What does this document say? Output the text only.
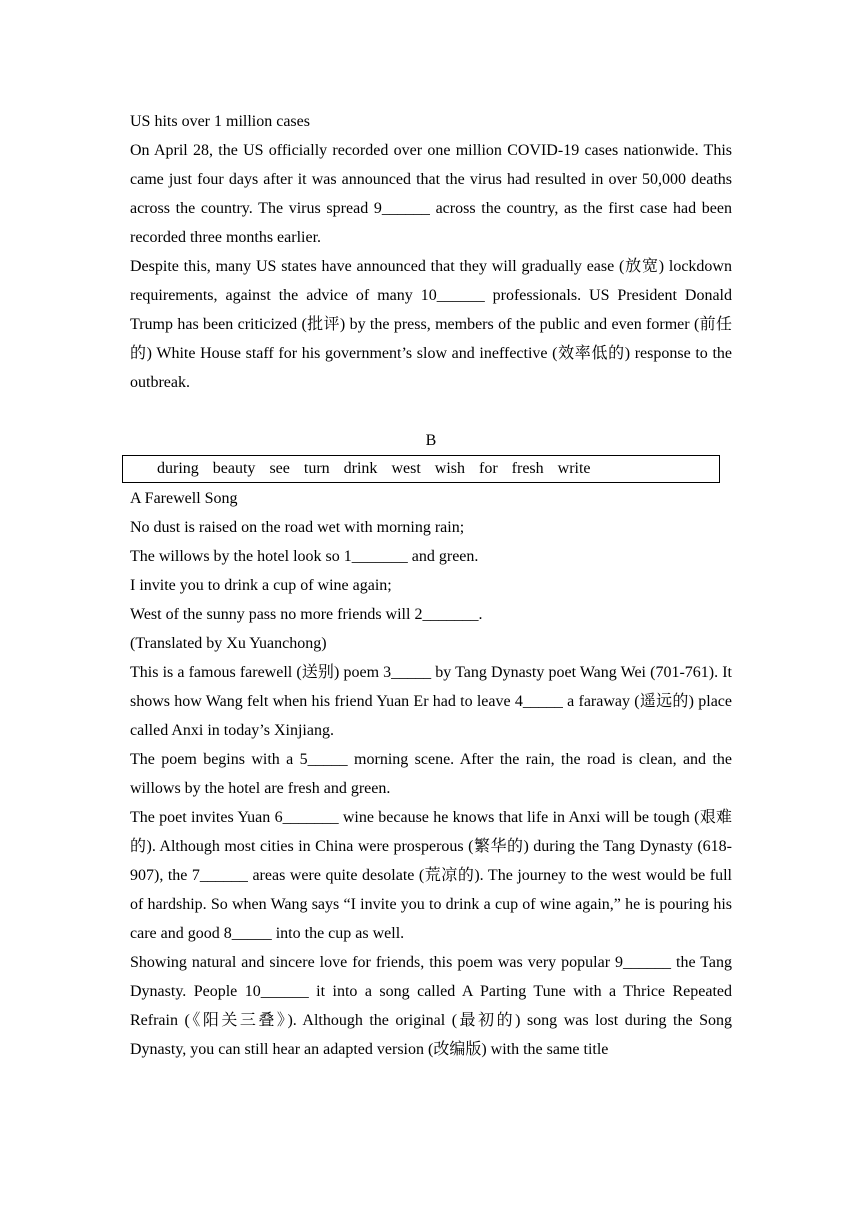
US hits over 1 million cases

On April 28, the US officially recorded over one million COVID-19 cases nationwide. This came just four days after it was announced that the virus had resulted in over 50,000 deaths across the country. The virus spread 9______ across the country, as the first case had been recorded three months earlier.

Despite this, many US states have announced that they will gradually ease (放宽) lockdown requirements, against the advice of many 10______ professionals. US President Donald Trump has been criticized (批评) by the press, members of the public and even former (前任的) White House staff for his government’s slow and ineffective (效率低的) response to the outbreak.

B

during beauty see turn drink west wish for fresh write

A Farewell Song

No dust is raised on the road wet with morning rain;

The willows by the hotel look so 1_______ and green.

I invite you to drink a cup of wine again;

West of the sunny pass no more friends will 2_______.

(Translated by Xu Yuanchong)

This is a famous farewell (送别) poem 3_____ by Tang Dynasty poet Wang Wei (701-761). It shows how Wang felt when his friend Yuan Er had to leave 4_____ a faraway (遥远的) place called Anxi in today’s Xinjiang.

The poem begins with a 5_____ morning scene. After the rain, the road is clean, and the willows by the hotel are fresh and green.

The poet invites Yuan 6_______ wine because he knows that life in Anxi will be tough (艰难的). Although most cities in China were prosperous (繁华的) during the Tang Dynasty (618-907), the 7______ areas were quite desolate (荒凉的). The journey to the west would be full of hardship. So when Wang says “I invite you to drink a cup of wine again,” he is pouring his care and good 8_____ into the cup as well.

Showing natural and sincere love for friends, this poem was very popular 9______ the Tang Dynasty. People 10______ it into a song called A Parting Tune with a Thrice Repeated Refrain (《阳关三叠》). Although the original (最初的) song was lost during the Song Dynasty, you can still hear an adapted version (改编版) with the same title
